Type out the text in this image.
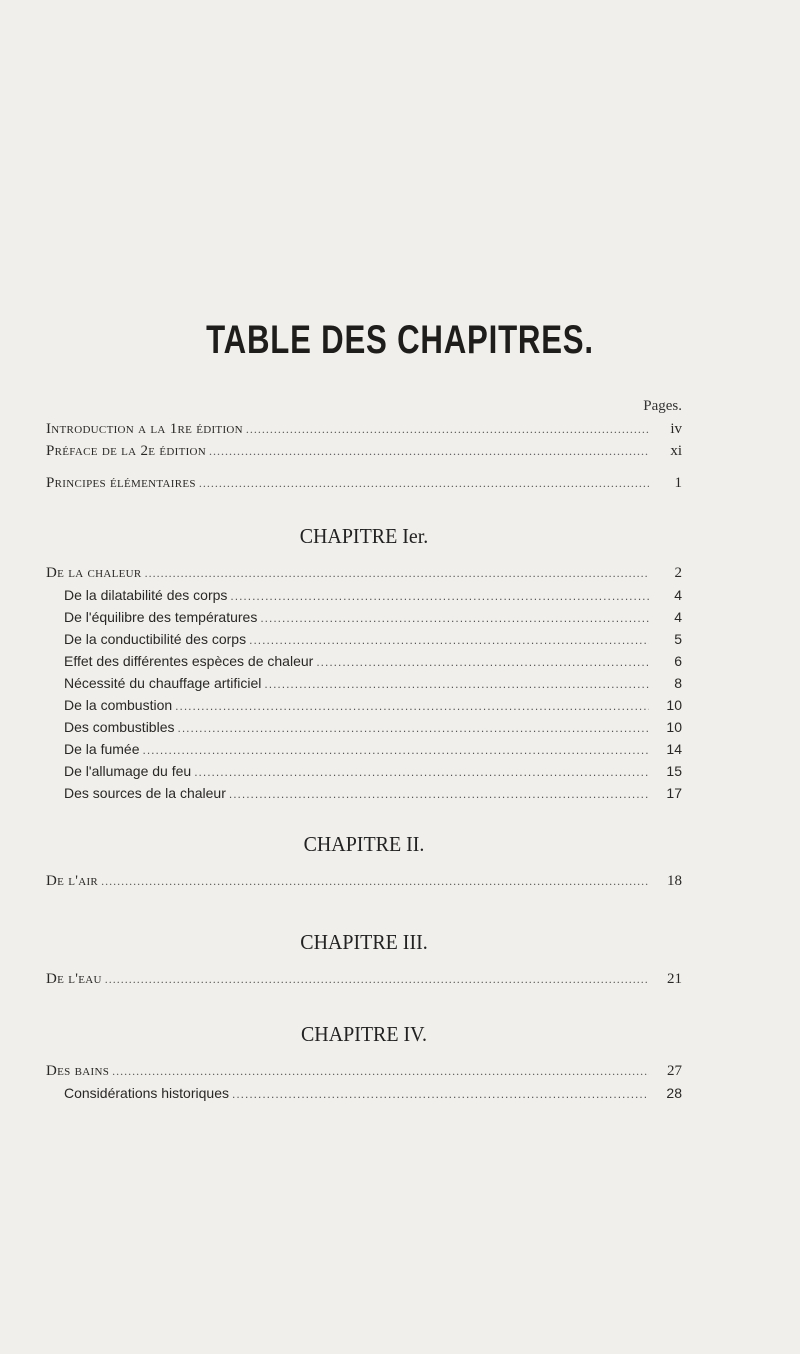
TABLE DES CHAPITRES.
Pages.
Introduction a la 1re édition .....	iv
Préface de la 2e édition .....	xi
Principes élémentaires .....	1
CHAPITRE Ier.
De la chaleur .....	2
De la dilatabilité des corps .....	4
De l'équilibre des températures .....	4
De la conductibilité des corps .....	5
Effet des différentes espèces de chaleur .....	6
Nécessité du chauffage artificiel .....	8
De la combustion .....	10
Des combustibles .....	10
De la fumée .....	14
De l'allumage du feu .....	15
Des sources de la chaleur .....	17
CHAPITRE II.
De l'air .....	18
CHAPITRE III.
De l'eau .....	21
CHAPITRE IV.
Des bains .....	27
Considérations historiques .....	28
